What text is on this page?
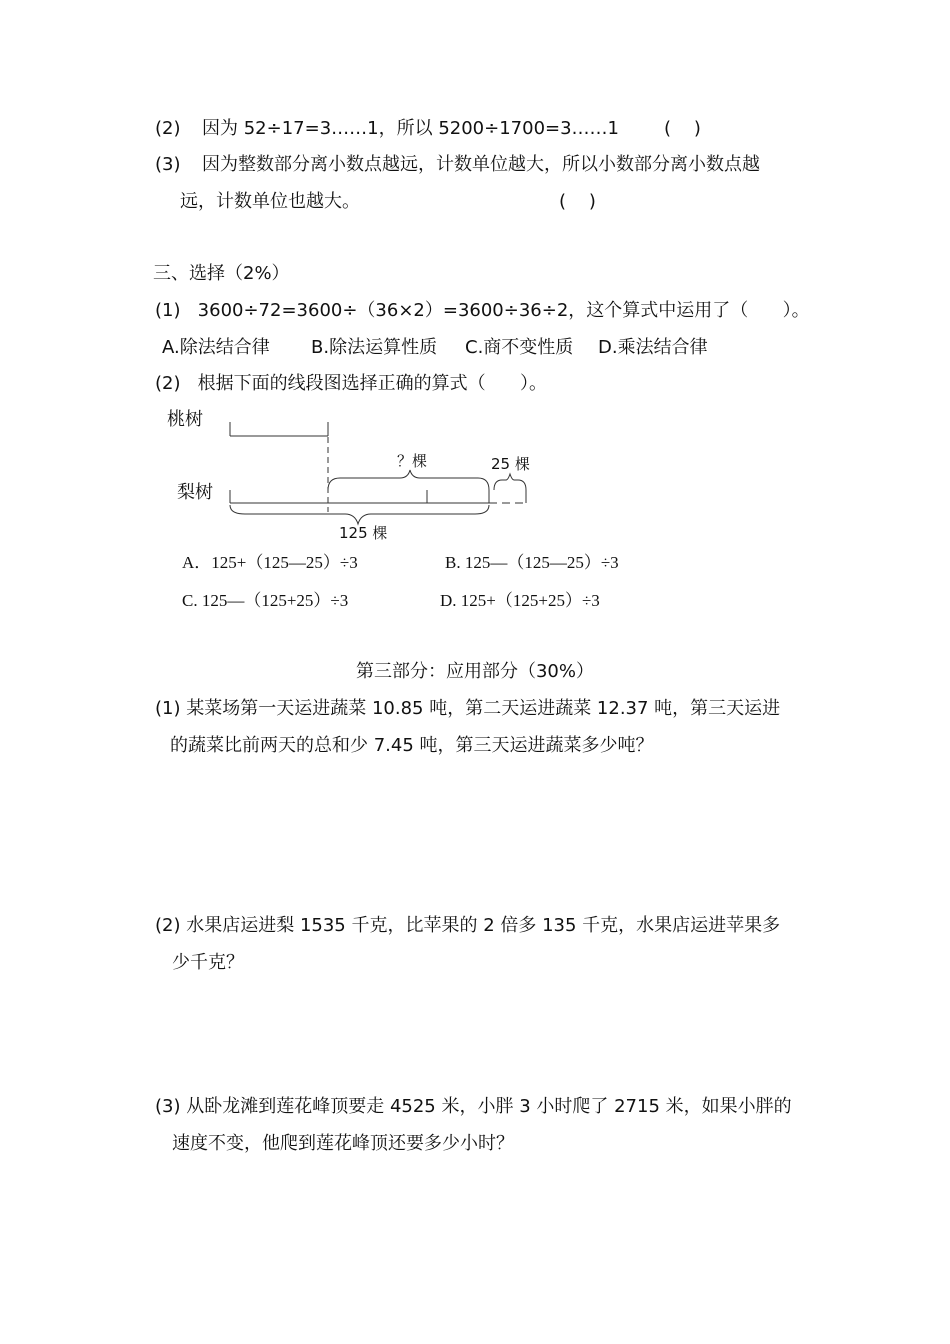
(2) 因为 52÷17=3……1，所以 5200÷1700=3……1 (    )
(3) 因为整数部分离小数点越远，计数单位越大，所以小数部分离小数点越
远，计数单位也越大。	(    )
三、选择（2%）
(1)   3600÷72=3600÷（36×2）=3600÷36÷2，这个算式中运用了（      ）。
A.除法结合律 B.除法运算性质 C.商不变性质 D.乘法结合律
(2)   根据下面的线段图选择正确的算式（      ）。
桃树
梨树
？棵	25 棵
125 棵
A．125+（125—25）÷3	B. 125—（125—25）÷3
C. 125—（125+25）÷3	D. 125+（125+25）÷3
第三部分：应用部分（30%）
(1) 某菜场第一天运进蔬菜 10.85 吨，第二天运进蔬菜 12.37 吨，第三天运进
的蔬菜比前两天的总和少 7.45 吨，第三天运进蔬菜多少吨？
(2) 水果店运进梨 1535 千克，比苹果的 2 倍多 135 千克，水果店运进苹果多
少千克？
(3) 从卧龙滩到莲花峰顶要走 4525 米，小胖 3 小时爬了 2715 米，如果小胖的
速度不变，他爬到莲花峰顶还要多少小时？
